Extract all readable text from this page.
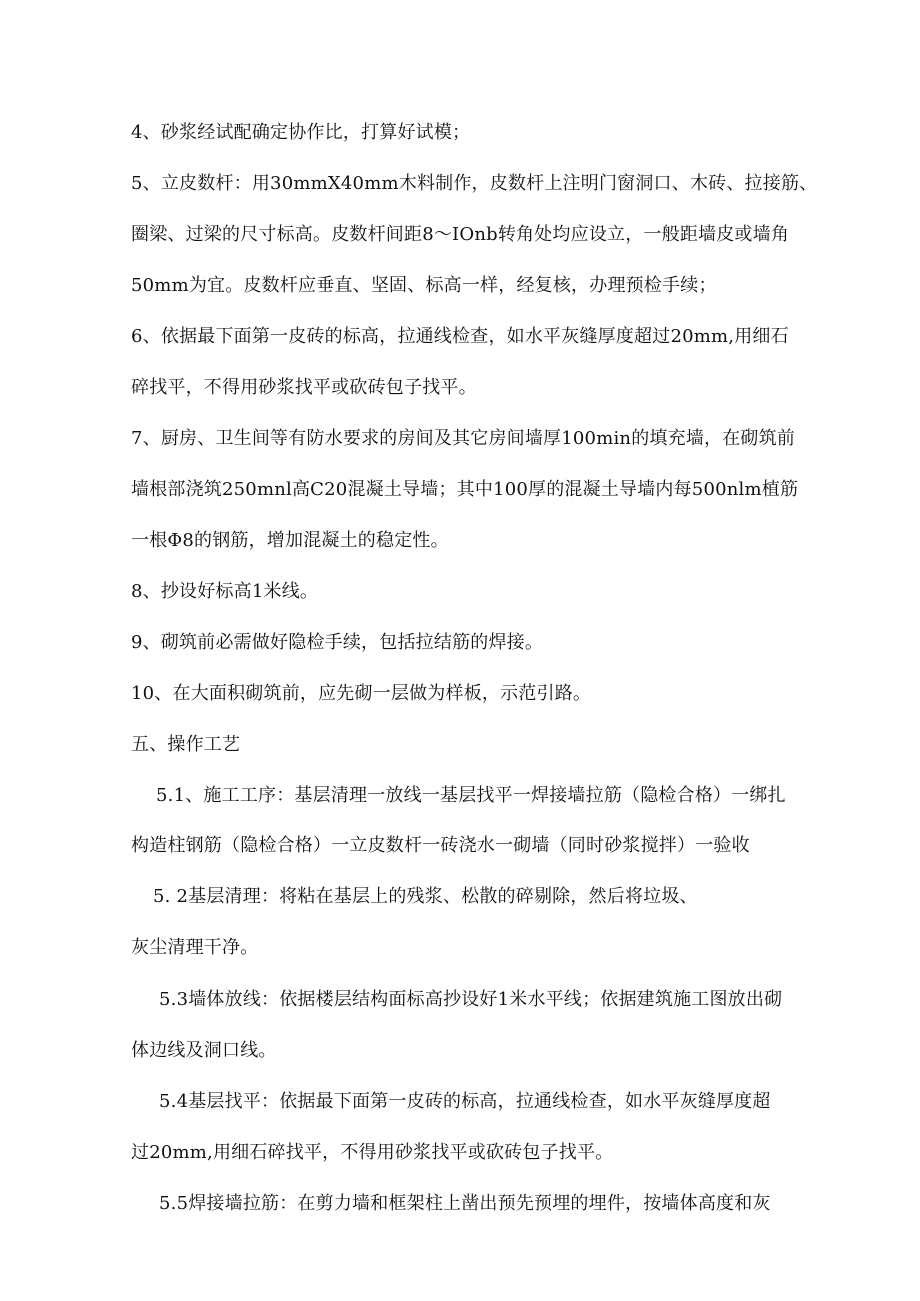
4、砂浆经试配确定协作比，打算好试模；
5、立皮数杆：用30mmX40mm木料制作，皮数杆上注明门窗洞口、木砖、拉接筋、
圈梁、过梁的尺寸标高。皮数杆间距8～IOnb转角处均应设立，一般距墙皮或墙角
50mm为宜。皮数杆应垂直、坚固、标高一样，经复核，办理预检手续；
6、依据最下面第一皮砖的标高，拉通线检查，如水平灰缝厚度超过20mm,用细石
碎找平，不得用砂浆找平或砍砖包子找平。
7、厨房、卫生间等有防水要求的房间及其它房间墙厚100min的填充墙，在砌筑前
墙根部浇筑250mnl高C20混凝土导墙；其中100厚的混凝土导墙内每500nlm植筋
一根Φ8的钢筋，增加混凝土的稳定性。
8、抄设好标高1米线。
9、砌筑前必需做好隐检手续，包括拉结筋的焊接。
10、在大面积砌筑前，应先砌一层做为样板，示范引路。
五、操作工艺
5.1、施工工序：基层清理一放线一基层找平一焊接墙拉筋（隐检合格）一绑扎
构造柱钢筋（隐检合格）一立皮数杆一砖浇水一砌墙（同时砂浆搅拌）一验收
5. 2基层清理：将粘在基层上的残浆、松散的碎剔除，然后将垃圾、
灰尘清理干净。
5.3墙体放线：依据楼层结构面标高抄设好1米水平线；依据建筑施工图放出砌
体边线及洞口线。
5.4基层找平：依据最下面第一皮砖的标高，拉通线检查，如水平灰缝厚度超
过20mm,用细石碎找平，不得用砂浆找平或砍砖包子找平。
5.5焊接墙拉筋：在剪力墙和框架柱上凿出预先预埋的埋件，按墙体高度和灰
